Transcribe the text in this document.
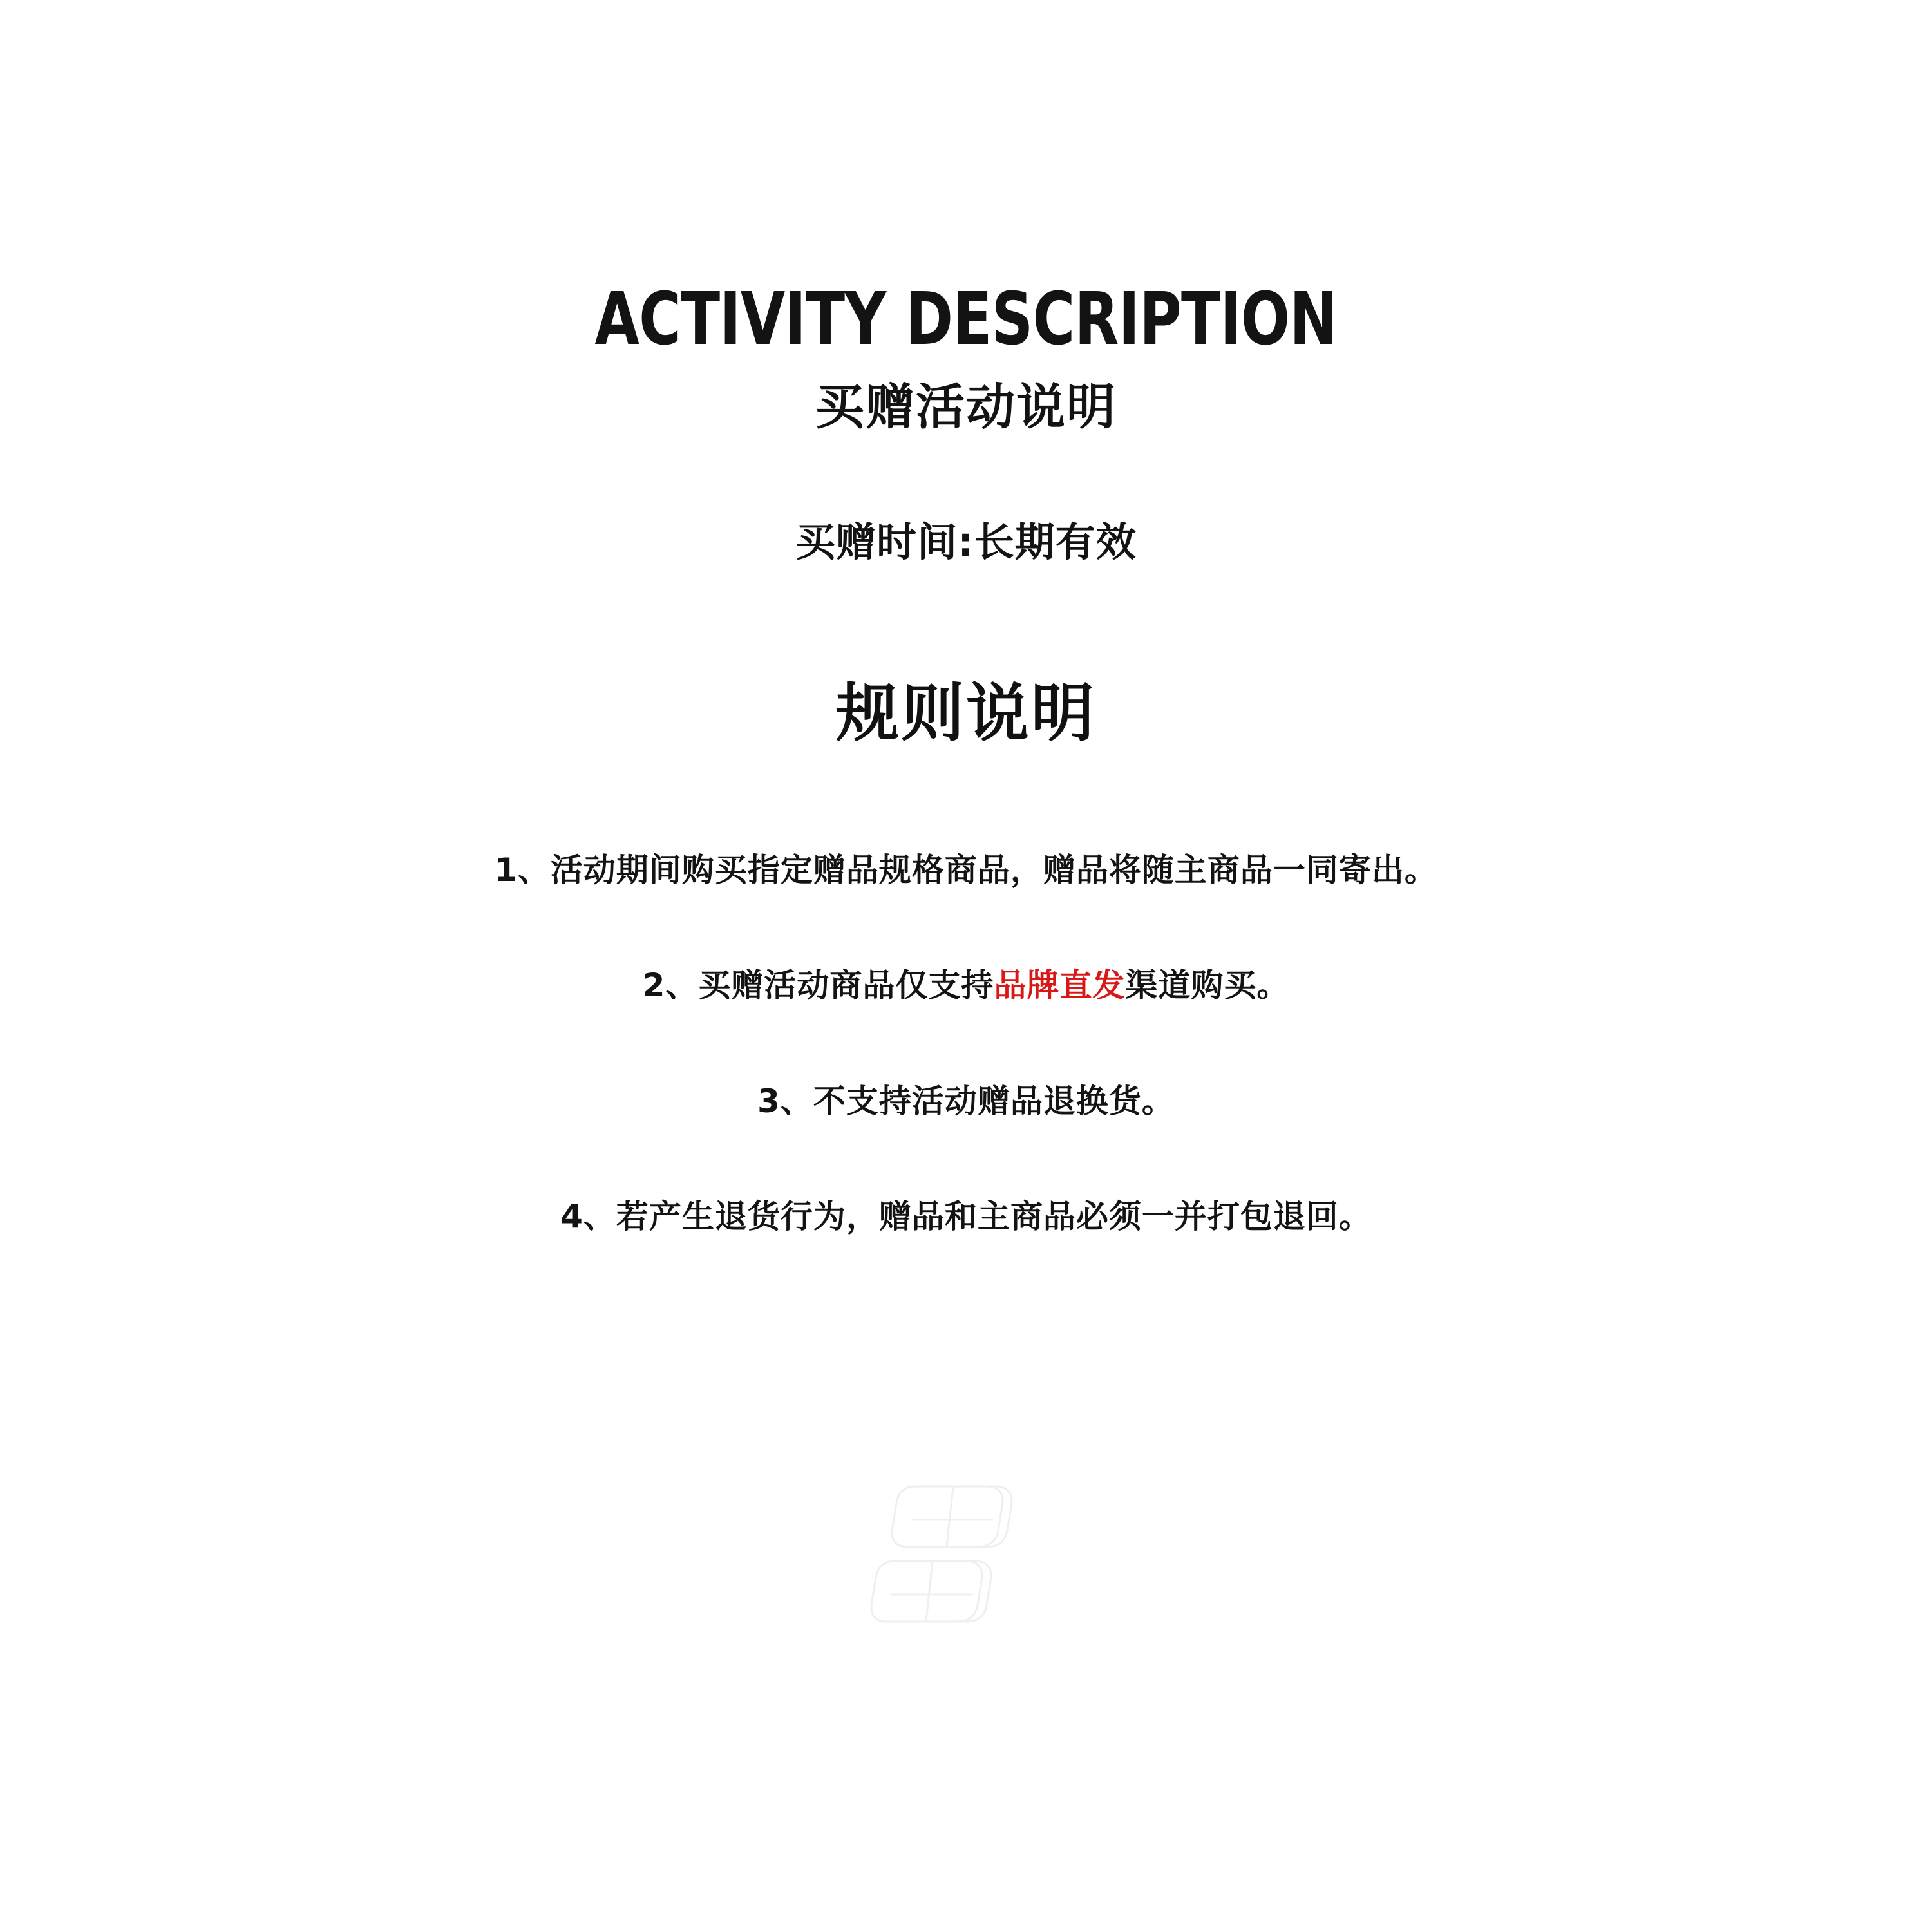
ACTIVITY DESCRIPTION
买赠活动说明
买赠时间:长期有效
规则说明
1、活动期间购买指定赠品规格商品，赠品将随主商品一同寄出。
2、买赠活动商品仅支持品牌直发渠道购买。
3、不支持活动赠品退换货。
4、若产生退货行为，赠品和主商品必须一并打包退回。
